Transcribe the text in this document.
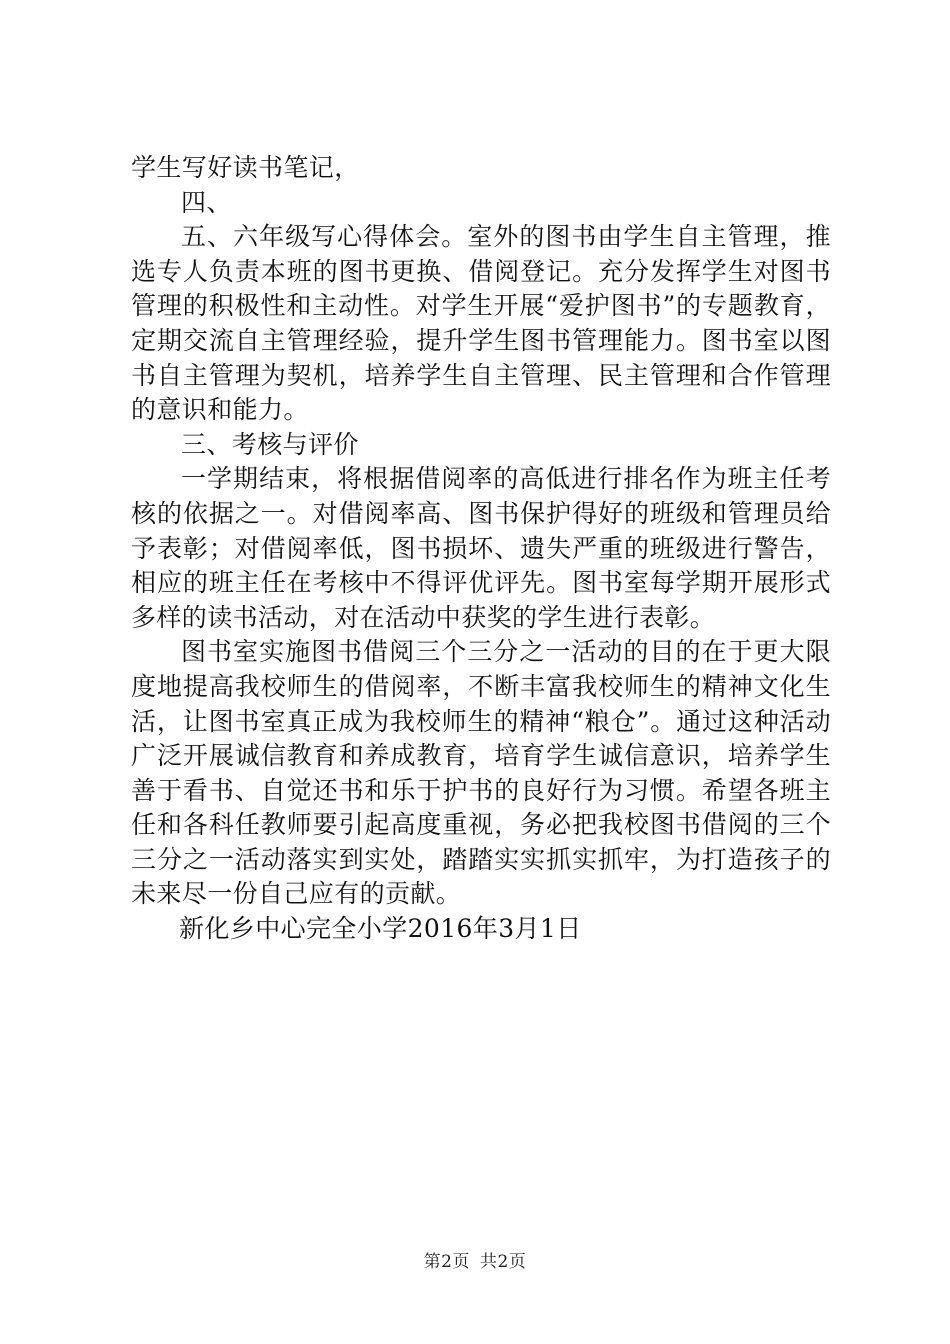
学生写好读书笔记，

四、

五、六年级写心得体会。室外的图书由学生自主管理，推选专人负责本班的图书更换、借阅登记。充分发挥学生对图书管理的积极性和主动性。对学生开展“爱护图书”的专题教育，定期交流自主管理经验，提升学生图书管理能力。图书室以图书自主管理为契机，培养学生自主管理、民主管理和合作管理的意识和能力。

三、考核与评价

一学期结束，将根据借阅率的高低进行排名作为班主任考核的依据之一。对借阅率高、图书保护得好的班级和管理员给予表彰；对借阅率低，图书损坏、遗失严重的班级进行警告，相应的班主任在考核中不得评优评先。图书室每学期开展形式多样的读书活动，对在活动中获奖的学生进行表彰。

图书室实施图书借阅三个三分之一活动的目的在于更大限度地提高我校师生的借阅率，不断丰富我校师生的精神文化生活，让图书室真正成为我校师生的精神“粮仓”。通过这种活动广泛开展诚信教育和养成教育，培育学生诚信意识，培养学生善于看书、自觉还书和乐于护书的良好行为习惯。希望各班主任和各科任教师要引起高度重视，务必把我校图书借阅的三个三分之一活动落实到实处，踏踏实实抓实抓牢，为打造孩子的未来尽一份自己应有的贡献。

新化乡中心完全小学2016年3月1日

第2页 共2页
